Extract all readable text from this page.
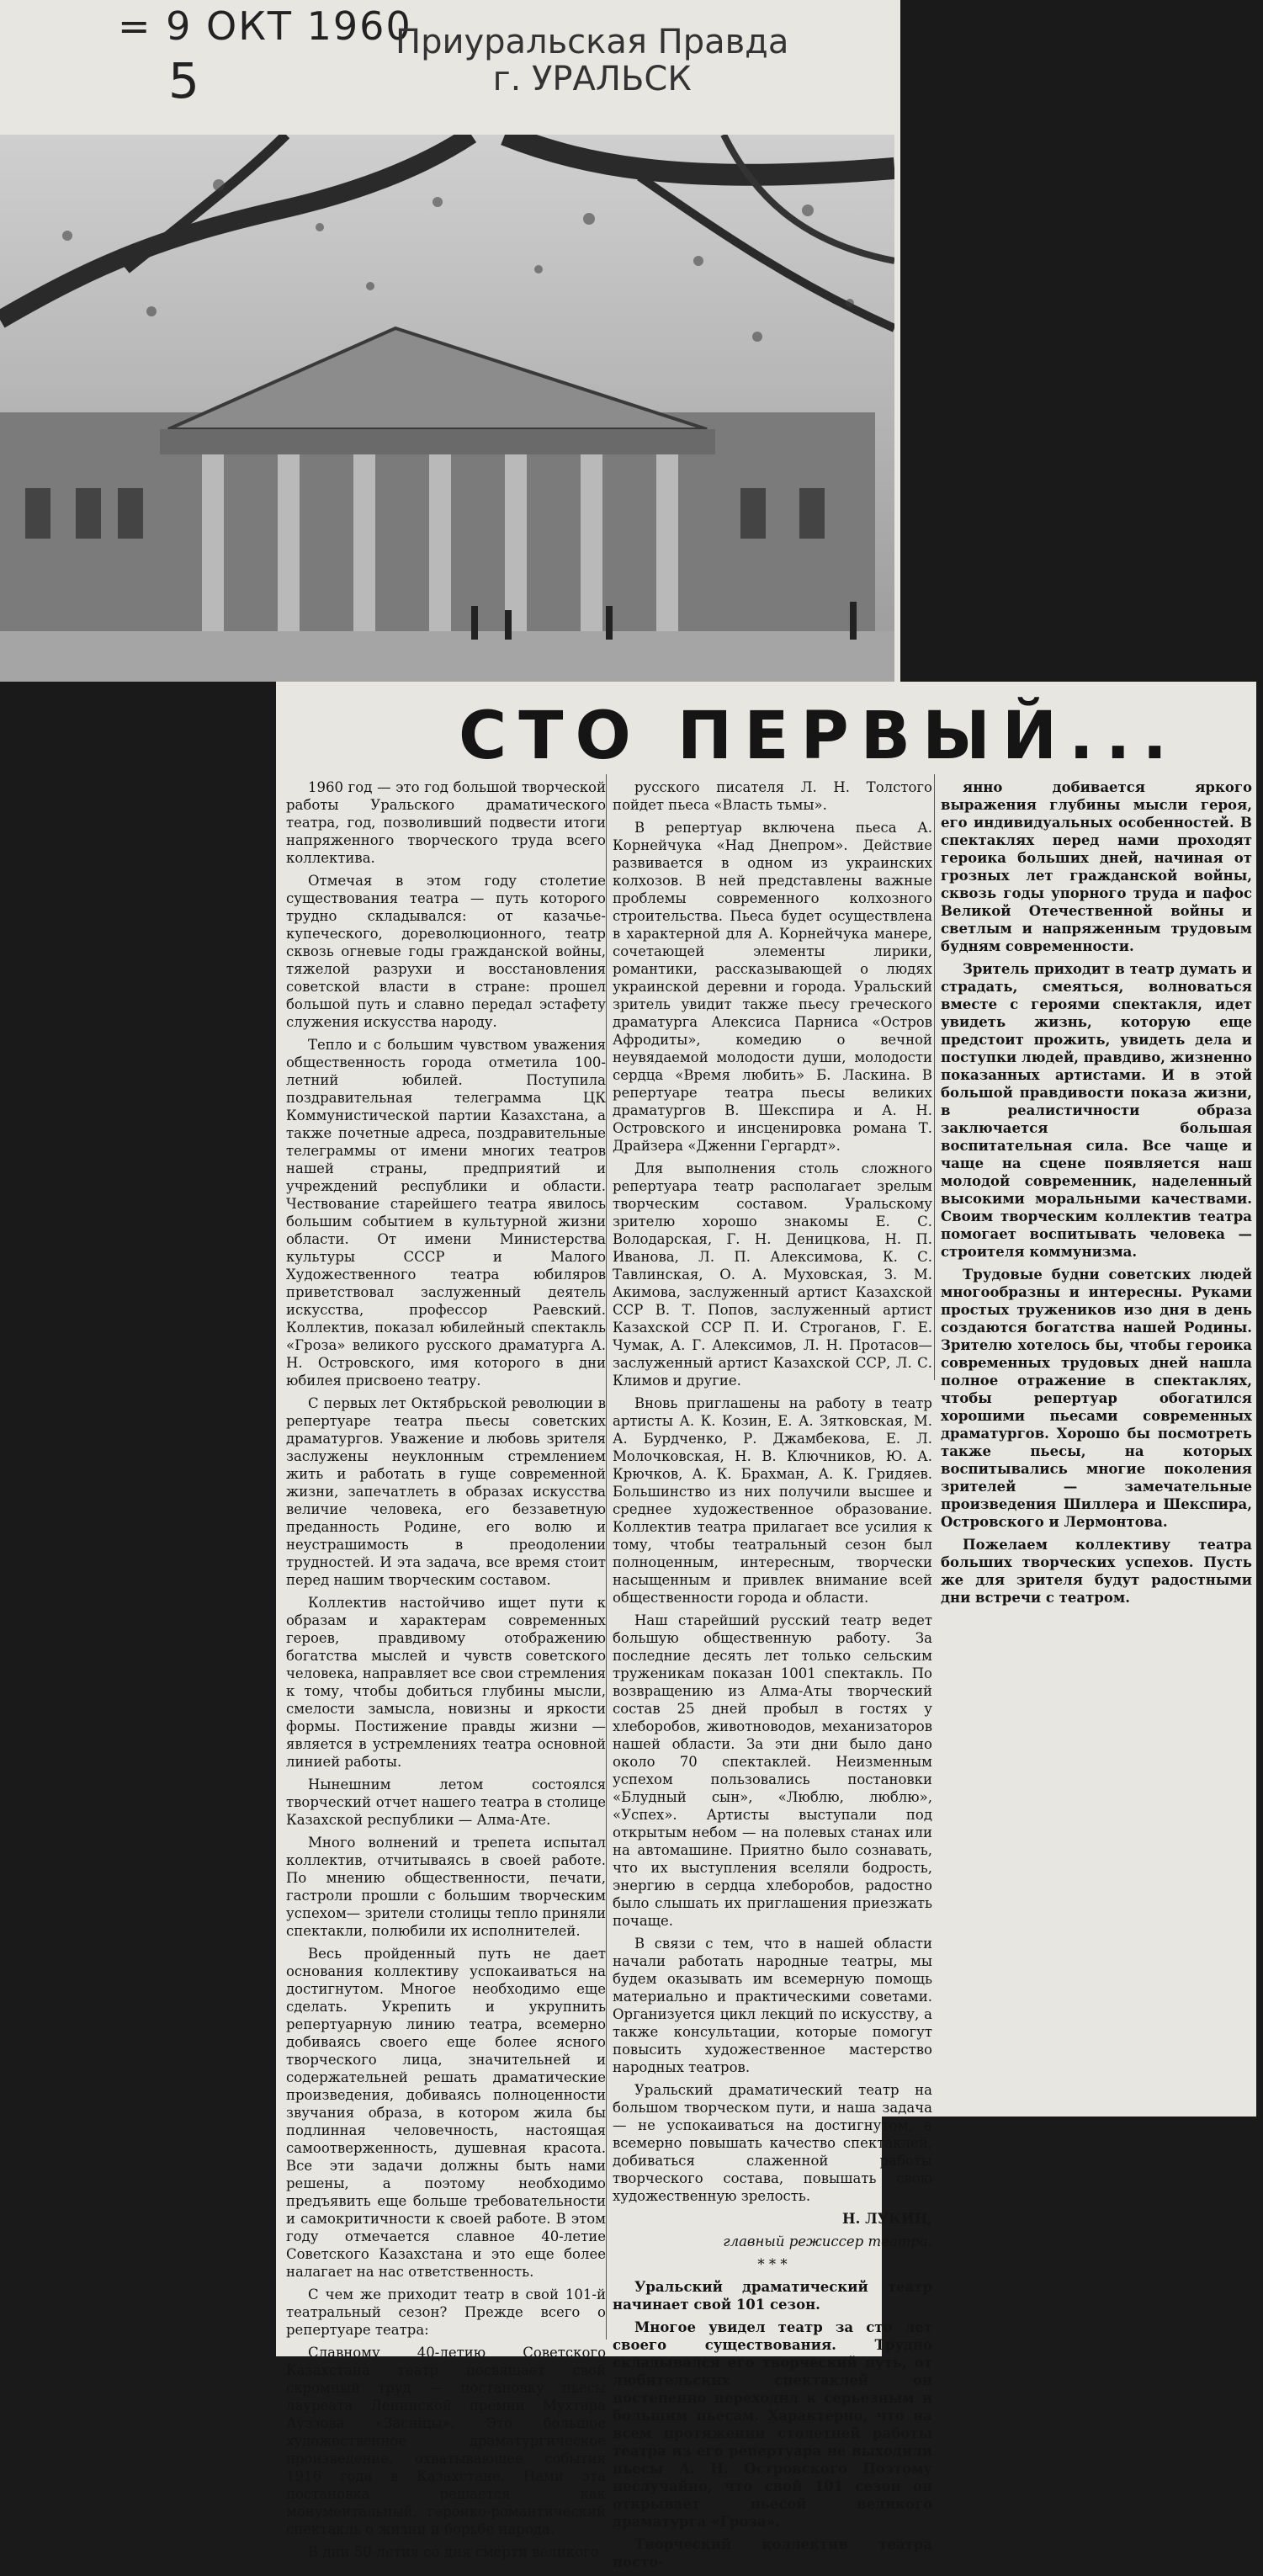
= 9 ОКТ 1960
Приуральская Правда
г. УРАЛЬСК
5
СТО ПЕРВЫЙ...

1960 год — это год большой творческой работы Уральского драматического театра, год, позволивший подвести итоги напряженного творческого труда всего коллектива.

Отмечая в этом году столетие существования театра — путь которого трудно складывался: от казачье-купеческого, дореволюционного, театр сквозь огневые годы гражданской войны, тяжелой разрухи и восстановления советской власти в стране: прошел большой путь и славно передал эстафету служения искусства народу.

Тепло и с большим чувством уважения общественность города отметила 100-летний юбилей. Поступила поздравительная телеграмма ЦК Коммунистической партии Казахстана, а также почетные адреса, поздравительные телеграммы от имени многих театров нашей страны, предприятий и учреждений республики и области. Чествование старейшего театра явилось большим событием в культурной жизни области. От имени Министерства культуры СССР и Малого Художественного театра юбиляров приветствовал заслуженный деятель искусства, профессор Раевский. Коллектив, показал юбилейный спектакль «Гроза» великого русского драматурга А. Н. Островского, имя которого в дни юбилея присвоено театру.

С первых лет Октябрьской революции в репертуаре театра пьесы советских драматургов. Уважение и любовь зрителя заслужены неуклонным стремлением жить и работать в гуще современной жизни, запечатлеть в образах искусства величие человека, его беззаветную преданность Родине, его волю и неустрашимость в преодолении трудностей. И эта задача, все время стоит перед нашим творческим составом.

Коллектив настойчиво ищет пути к образам и характерам современных героев, правдивому отображению богатства мыслей и чувств советского человека, направляет все свои стремления к тому, чтобы добиться глубины мысли, смелости замысла, новизны и яркости формы. Постижение правды жизни — является в устремлениях театра основной линией работы.

Нынешним летом состоялся творческий отчет нашего театра в столице Казахской республики — Алма-Ате.

Много волнений и трепета испытал коллектив, отчитываясь в своей работе. По мнению общественности, печати, гастроли прошли с большим творческим успехом— зрители столицы тепло приняли спектакли, полюбили их исполнителей.

Весь пройденный путь не дает основания коллективу успокаиваться на достигнутом. Многое необходимо еще сделать. Укрепить и укрупнить репертуарную линию театра, всемерно добиваясь своего еще более ясного творческого лица, значительней и содержательней решать драматические произведения, добиваясь полноценности звучания образа, в котором жила бы подлинная человечность, настоящая самоотверженность, душевная красота. Все эти задачи должны быть нами решены, а поэтому необходимо предъявить еще больше требовательности и самокритичности к своей работе. В этом году отмечается славное 40-летие Советского Казахстана и это еще более налагает на нас ответственность.

С чем же приходит театр в свой 101-й театральный сезон? Прежде всего о репертуаре театра:

Славному 40-летию Советского Казахстана театр посвящает свой скромный труд — постановку пьесы лауреата Ленинской премии Мухтара Ауэзова «Засніцы». Это большое художественное драматургическое произведение, охватывающее события 1916 года в Казахстане. Нами эта постановка решается как монументальный, героико-романтический спектакль о жизни и борьбе народа.

В дни 50-летия со дня смерти великого

русского писателя Л. Н. Толстого пойдет пьеса «Власть тьмы».

В репертуар включена пьеса А. Корнейчука «Над Днепром». Действие развивается в одном из украинских колхозов. В ней представлены важные проблемы современного колхозного строительства. Пьеса будет осуществлена в характерной для А. Корнейчука манере, сочетающей элементы лирики, романтики, рассказывающей о людях украинской деревни и города. Уральский зритель увидит также пьесу греческого драматурга Алексиса Парниса «Остров Афродиты», комедию о вечной неувядаемой молодости души, молодости сердца «Время любить» Б. Ласкина. В репертуаре театра пьесы великих драматургов В. Шекспира и А. Н. Островского и инсценировка романа Т. Драйзера «Дженни Гергардт».

Для выполнения столь сложного репертуара театр располагает зрелым творческим составом. Уральскому зрителю хорошо знакомы Е. С. Володарская, Г. Н. Деницкова, Н. П. Иванова, Л. П. Алексимова, К. С. Тавлинская, О. А. Муховская, З. М. Акимова, заслуженный артист Казахской ССР В. Т. Попов, заслуженный артист Казахской ССР П. И. Строганов, Г. Е. Чумак, А. Г. Алексимов, Л. Н. Протасов—заслуженный артист Казахской ССР, Л. С. Климов и другие.

Вновь приглашены на работу в театр артисты А. К. Козин, Е. А. Зятковская, М. А. Бурдченко, Р. Джамбекова, Е. Л. Молочковская, Н. В. Ключников, Ю. А. Крючков, А. К. Брахман, А. К. Гридяев. Большинство из них получили высшее и среднее художественное образование. Коллектив театра прилагает все усилия к тому, чтобы театральный сезон был полноценным, интересным, творчески насыщенным и привлек внимание всей общественности города и области.

Наш старейший русский театр ведет большую общественную работу. За последние десять лет только сельским труженикам показан 1001 спектакль. По возвращению из Алма-Аты творческий состав 25 дней пробыл в гостях у хлеборобов, животноводов, механизаторов нашей области. За эти дни было дано около 70 спектаклей. Неизменным успехом пользовались постановки «Блудный сын», «Люблю, люблю», «Успех». Артисты выступали под открытым небом — на полевых станах или на автомашине. Приятно было сознавать, что их выступления вселяли бодрость, энергию в сердца хлеборобов, радостно было слышать их приглашения приезжать почаще.

В связи с тем, что в нашей области начали работать народные театры, мы будем оказывать им всемерную помощь материально и практическими советами. Организуется цикл лекций по искусству, а также консультации, которые помогут повысить художественное мастерство народных театров.

Уральский драматический театр на большом творческом пути, и наша задача — не успокаиваться на достигнутом, а всемерно повышать качество спектаклей, добиваться слаженной работы творческого состава, повышать свою художественную зрелость.

Н. ЛУКИН,

главный режиссер театра.

* * *

Уральский драматический театр начинает свой 101 сезон.

Многое увидел театр за сто лет своего существования. Трудно складывался его творческий путь, от любительских спектаклей он постепенно переходил к серьезным и большим пьесам. Характерно, что на всем протяжении столетней работы театра из его репертуара не выходили пьесы А. Н. Островского Поэтому неслучайно, что свой 101 сезон он открывает пьесой великого драматурга «Гроза».

Творческий коллектив театра посто-

янно добивается яркого выражения глубины мысли героя, его индивидуальных особенностей. В спектаклях перед нами проходят героика больших дней, начиная от грозных лет гражданской войны, сквозь годы упорного труда и пафос Великой Отечественной войны и светлым и напряженным трудовым будням современности.

Зритель приходит в театр думать и страдать, смеяться, волноваться вместе с героями спектакля, идет увидеть жизнь, которую еще предстоит прожить, увидеть дела и поступки людей, правдиво, жизненно показанных артистами. И в этой большой правдивости показа жизни, в реалистичности образа заключается большая воспитательная сила. Все чаще и чаще на сцене появляется наш молодой современник, наделенный высокими моральными качествами. Своим творческим коллектив театра помогает воспитывать человека — строителя коммунизма.

Трудовые будни советских людей многообразны и интересны. Руками простых тружеников изо дня в день создаются богатства нашей Родины. Зрителю хотелось бы, чтобы героика современных трудовых дней нашла полное отражение в спектаклях, чтобы репертуар обогатился хорошими пьесами современных драматургов. Хорошо бы посмотреть также пьесы, на которых воспитывались многие поколения зрителей — замечательные произведения Шиллера и Шекспира, Островского и Лермонтова.

Пожелаем коллективу театра больших творческих успехов. Пусть же для зрителя будут радостными дни встречи с театром.
